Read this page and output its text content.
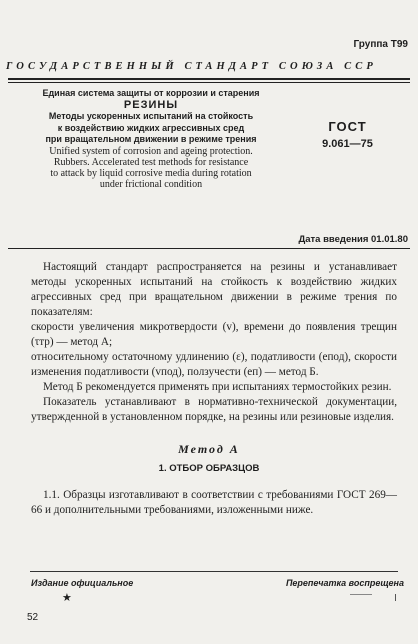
Группа Т99
ГОСУДАРСТВЕННЫЙ СТАНДАРТ СОЮЗА ССР
Единая система защиты от коррозии и старения
РЕЗИНЫ
Методы ускоренных испытаний на стойкость
к воздействию жидких агрессивных сред
при вращательном движении в режиме трения
Unified system of corrosion and ageing protection.
Rubbers. Accelerated test methods for resistance
to attack by liquid corrosive media during rotation
under frictional condition
ГОСТ
9.061—75
Дата введения 01.01.80

Настоящий стандарт распространяется на резины и устанавливает методы ускоренных испытаний на стойкость к воздействию жидких агрессивных сред при вращательном движении в режиме трения по показателям:

скорости увеличения микротвердости (v), времени до появления трещин (τтр) — метод А;

относительному остаточному удлинению (ε), податливости (eпод), скорости изменения податливости (vпод), ползучести (eп) — метод Б.

Метод Б рекомендуется применять при испытаниях термостойких резин.

Показатель устанавливают в нормативно-технической документации, утвержденной в установленном порядке, на резины или резиновые изделия.

Метод А
1. ОТБОР ОБРАЗЦОВ

1.1. Образцы изготавливают в соответствии с требованиями ГОСТ 269—66 и дополнительными требованиями, изложенными ниже.

Издание официальное	Перепечатка воспрещена
★
52
